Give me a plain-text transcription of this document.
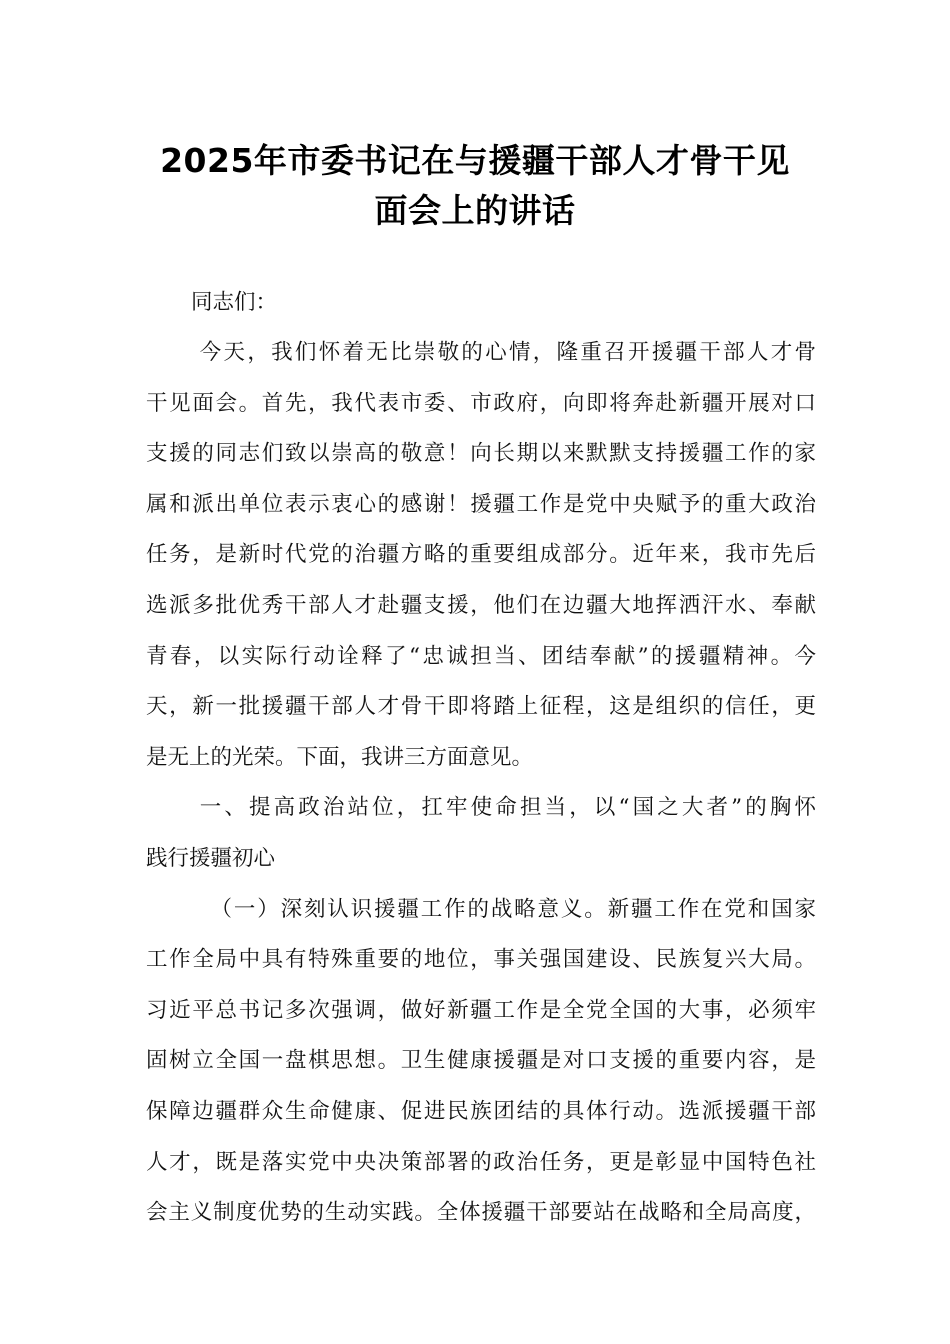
2025年市委书记在与援疆干部人才骨干见
面会上的讲话
同志们：
今天，我们怀着无比崇敬的心情，隆重召开援疆干部人才骨
干见面会。首先，我代表市委、市政府，向即将奔赴新疆开展对口
支援的同志们致以崇高的敬意！向长期以来默默支持援疆工作的家
属和派出单位表示衷心的感谢！援疆工作是党中央赋予的重大政治
任务，是新时代党的治疆方略的重要组成部分。近年来，我市先后
选派多批优秀干部人才赴疆支援，他们在边疆大地挥洒汗水、奉献
青春，以实际行动诠释了“忠诚担当、团结奉献”的援疆精神。今
天，新一批援疆干部人才骨干即将踏上征程，这是组织的信任，更
是无上的光荣。下面，我讲三方面意见。
一、提高政治站位，扛牢使命担当，以“国之大者”的胸怀
践行援疆初心
（一）深刻认识援疆工作的战略意义。新疆工作在党和国家
工作全局中具有特殊重要的地位，事关强国建设、民族复兴大局。
习近平总书记多次强调，做好新疆工作是全党全国的大事，必须牢
固树立全国一盘棋思想。卫生健康援疆是对口支援的重要内容，是
保障边疆群众生命健康、促进民族团结的具体行动。选派援疆干部
人才，既是落实党中央决策部署的政治任务，更是彰显中国特色社
会主义制度优势的生动实践。全体援疆干部要站在战略和全局高度，
